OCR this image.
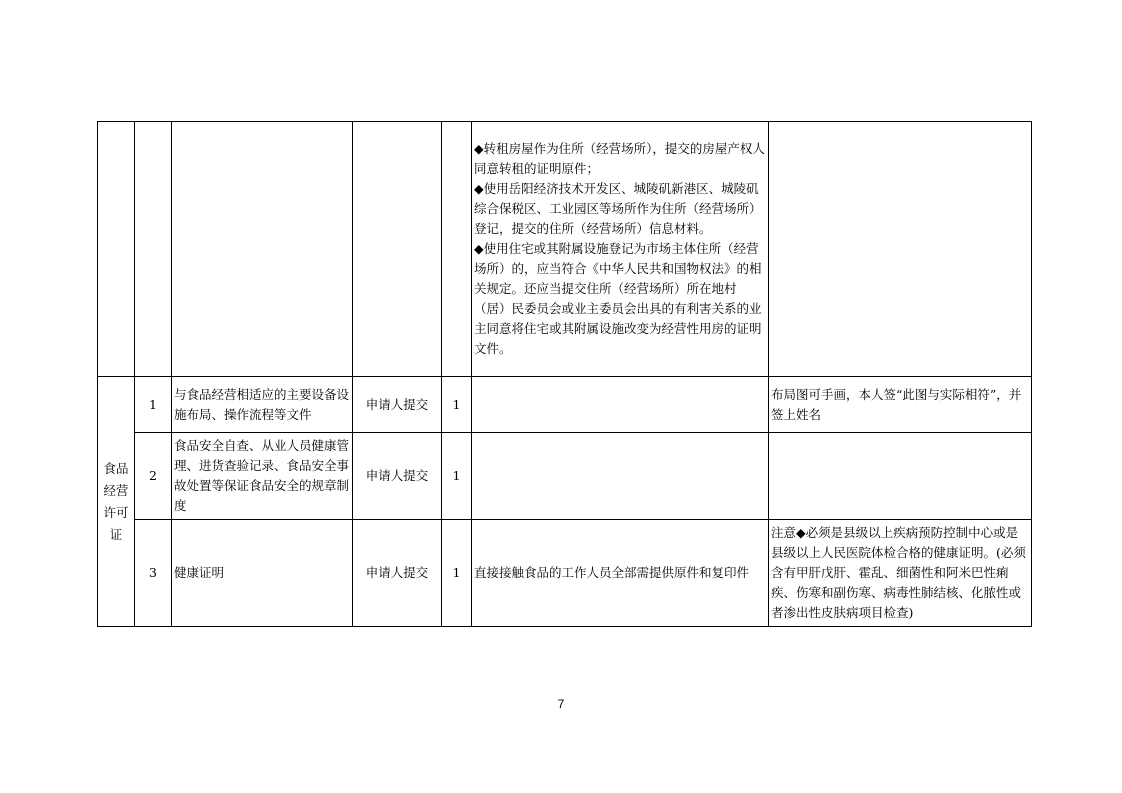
					◆转租房屋作为住所（经营场所），提交的房屋产权人同意转租的证明原件；
◆使用岳阳经济技术开发区、城陵矶新港区、城陵矶综合保税区、工业园区等场所作为住所（经营场所）登记，提交的住所（经营场所）信息材料。
◆使用住宅或其附属设施登记为市场主体住所（经营场所）的，应当符合《中华人民共和国物权法》的相关规定。还应当提交住所（经营场所）所在地村（居）民委员会或业主委员会出具的有利害关系的业主同意将住宅或其附属设施改变为经营性用房的证明文件。	

食品经营许可证	1	与食品经营相适应的主要设备设施布局、操作流程等文件	申请人提交	1		布局图可手画，本人签“此图与实际相符”，并签上姓名
	2	食品安全自查、从业人员健康管理、进货查验记录、食品安全事故处置等保证食品安全的规章制度	申请人提交	1		
	3	健康证明	申请人提交	1	直接接触食品的工作人员全部需提供原件和复印件	注意◆必须是县级以上疾病预防控制中心或是县级以上人民医院体检合格的健康证明。(必须含有甲肝戊肝、霍乱、细菌性和阿米巴性痢疾、伤寒和副伤寒、病毒性肺结核、化脓性或者渗出性皮肤病项目检查)
7
